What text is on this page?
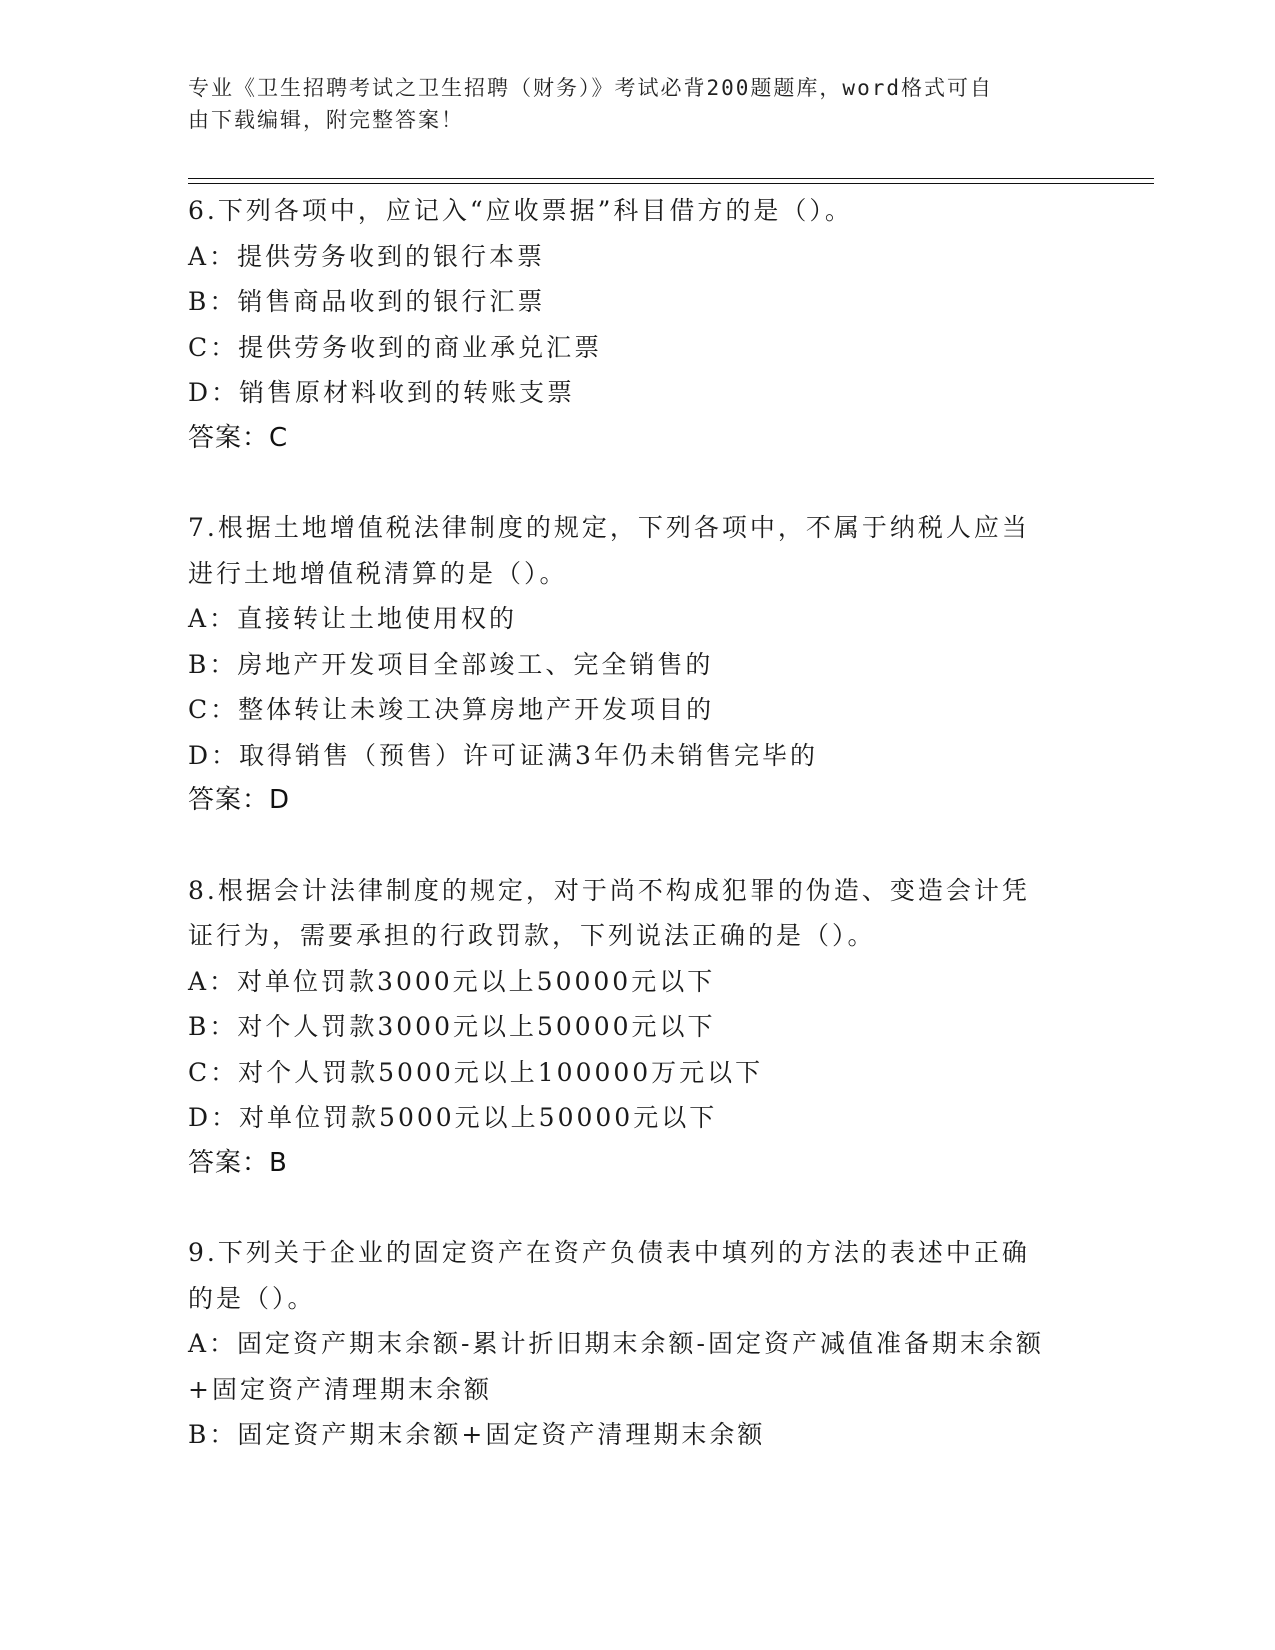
专业《卫生招聘考试之卫生招聘（财务）》考试必背200题题库，word格式可自
由下载编辑，附完整答案！
6.下列各项中，应记入“应收票据”科目借方的是（）。
A：提供劳务收到的银行本票
B：销售商品收到的银行汇票
C：提供劳务收到的商业承兑汇票
D：销售原材料收到的转账支票
答案：C
7.根据土地增值税法律制度的规定，下列各项中，不属于纳税人应当
进行土地增值税清算的是（）。
A：直接转让土地使用权的
B：房地产开发项目全部竣工、完全销售的
C：整体转让未竣工决算房地产开发项目的
D：取得销售（预售）许可证满3年仍未销售完毕的
答案：D
8.根据会计法律制度的规定，对于尚不构成犯罪的伪造、变造会计凭
证行为，需要承担的行政罚款，下列说法正确的是（）。
A：对单位罚款3000元以上50000元以下
B：对个人罚款3000元以上50000元以下
C：对个人罚款5000元以上100000万元以下
D：对单位罚款5000元以上50000元以下
答案：B
9.下列关于企业的固定资产在资产负债表中填列的方法的表述中正确
的是（）。
A：固定资产期末余额-累计折旧期末余额-固定资产减值准备期末余额
+固定资产清理期末余额
B：固定资产期末余额+固定资产清理期末余额
